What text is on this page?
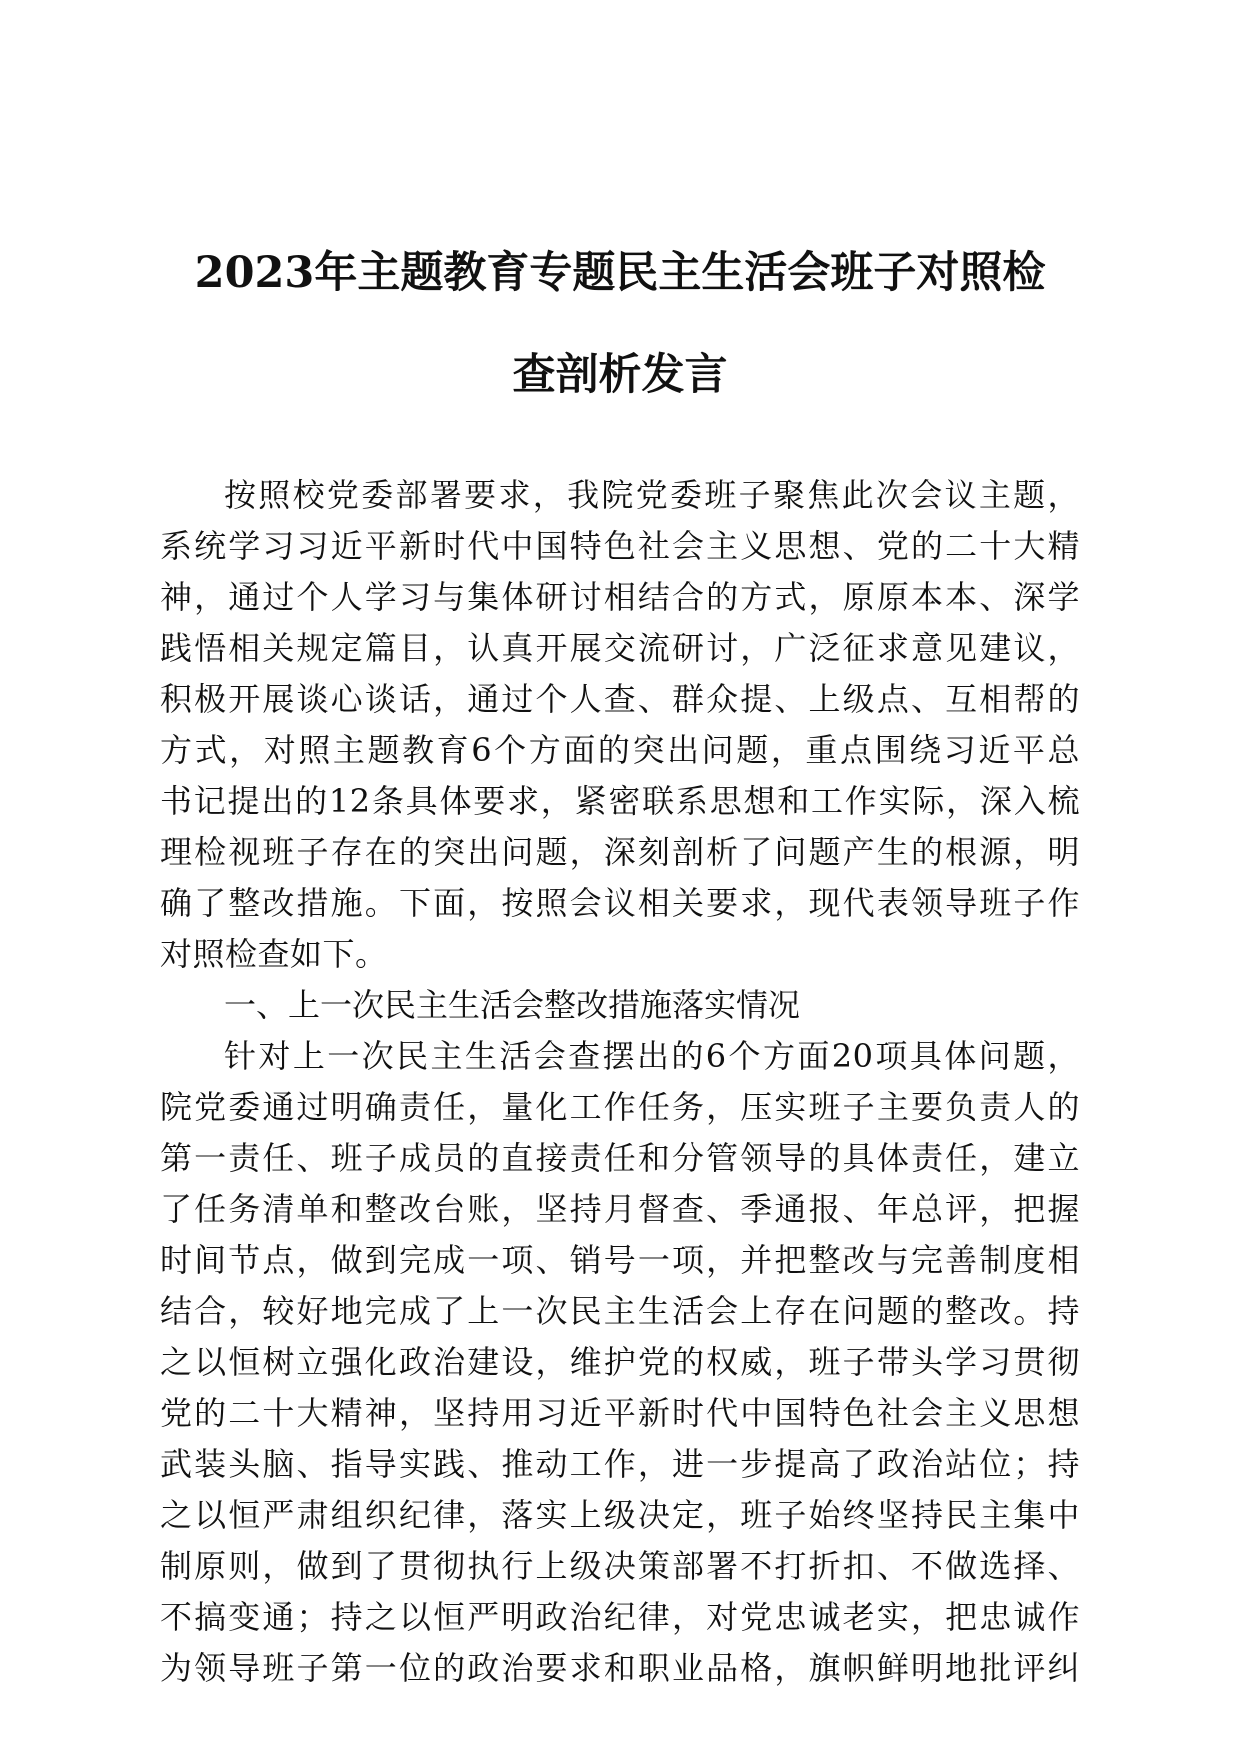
2023年主题教育专题民主生活会班子对照检
查剖析发言

按照校党委部署要求，我院党委班子聚焦此次会议主题，
系统学习习近平新时代中国特色社会主义思想、党的二十大精
神，通过个人学习与集体研讨相结合的方式，原原本本、深学
践悟相关规定篇目，认真开展交流研讨，广泛征求意见建议，
积极开展谈心谈话，通过个人查、群众提、上级点、互相帮的
方式，对照主题教育6个方面的突出问题，重点围绕习近平总
书记提出的12条具体要求，紧密联系思想和工作实际，深入梳
理检视班子存在的突出问题，深刻剖析了问题产生的根源，明
确了整改措施。下面，按照会议相关要求，现代表领导班子作
对照检查如下。

一、上一次民主生活会整改措施落实情况

针对上一次民主生活会查摆出的6个方面20项具体问题，
院党委通过明确责任，量化工作任务，压实班子主要负责人的
第一责任、班子成员的直接责任和分管领导的具体责任，建立
了任务清单和整改台账，坚持月督查、季通报、年总评，把握
时间节点，做到完成一项、销号一项，并把整改与完善制度相
结合，较好地完成了上一次民主生活会上存在问题的整改。持
之以恒树立强化政治建设，维护党的权威，班子带头学习贯彻
党的二十大精神，坚持用习近平新时代中国特色社会主义思想
武装头脑、指导实践、推动工作，进一步提高了政治站位；持
之以恒严肃组织纪律，落实上级决定，班子始终坚持民主集中
制原则，做到了贯彻执行上级决策部署不打折扣、不做选择、
不搞变通；持之以恒严明政治纪律，对党忠诚老实，把忠诚作
为领导班子第一位的政治要求和职业品格，旗帜鲜明地批评纠
